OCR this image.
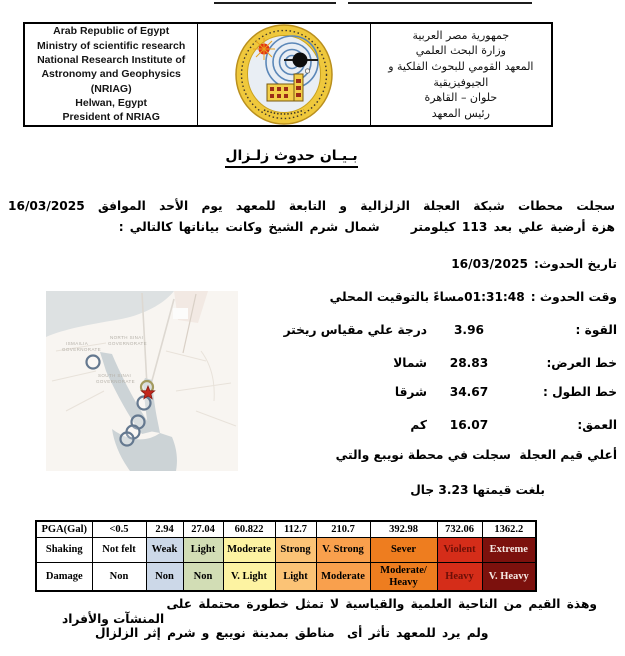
Arab Republic of Egypt
Ministry of scientific research
National Research Institute of
Astronomy and Geophysics
(NRIAG)
Helwan, Egypt
President of NRIAG
جمهورية مصر العربية
وزارة البحث العلمي
المعهد القومي للبحوث الفلكية و
الجيوفيزيقية
حلوان – القاهرة
رئيس المعهد
بـيـان حدوث زلـزال
سجلت محطات شبكة العجلة الزلزالية و التابعة للمعهد يوم الأحد الموافق 16/03/2025
هزة أرضية علي بعد 113 كيلومتر     شمال شرم الشيخ وكانت بياناتها كالتالي :
تاريخ الحدوث:16/03/2025
وقت الحدوث :01:31:48مساءً بالتوقيت المحلي
القوة :3.96درجة علي مقياس ريختر
خط العرض:28.83شمالا
خط الطول :34.67شرقا
العمق:16.07كم
أعلي قيم العجلة  سجلت في محطة نويبع والتي
بلغت قيمتها 3.23 جال
ISMAILIA
GOVERNORATE
NORTH SINAI
GOVERNORATE
SOUTH SINAI
GOVERNORATE
PGA(Gal)	<0.5	2.94	27.04	60.822	112.7	210.7	392.98	732.06	1362.2
Shaking	Not felt	Weak	Light	Moderate	Strong	V. Strong	Sever	Violent	Extreme
Damage	Non	Non	Non	V. Light	Light	Moderate	Moderate/ Heavy	Heavy	V. Heavy
وهذة القيم من الناحية العلمية والقياسية لا تمثل خطورة محتملة على
المنشآت والأفراد
ولم يرد للمعهد تأثر أى  مناطق بمدينة نويبع و شرم إثر الزلزال
